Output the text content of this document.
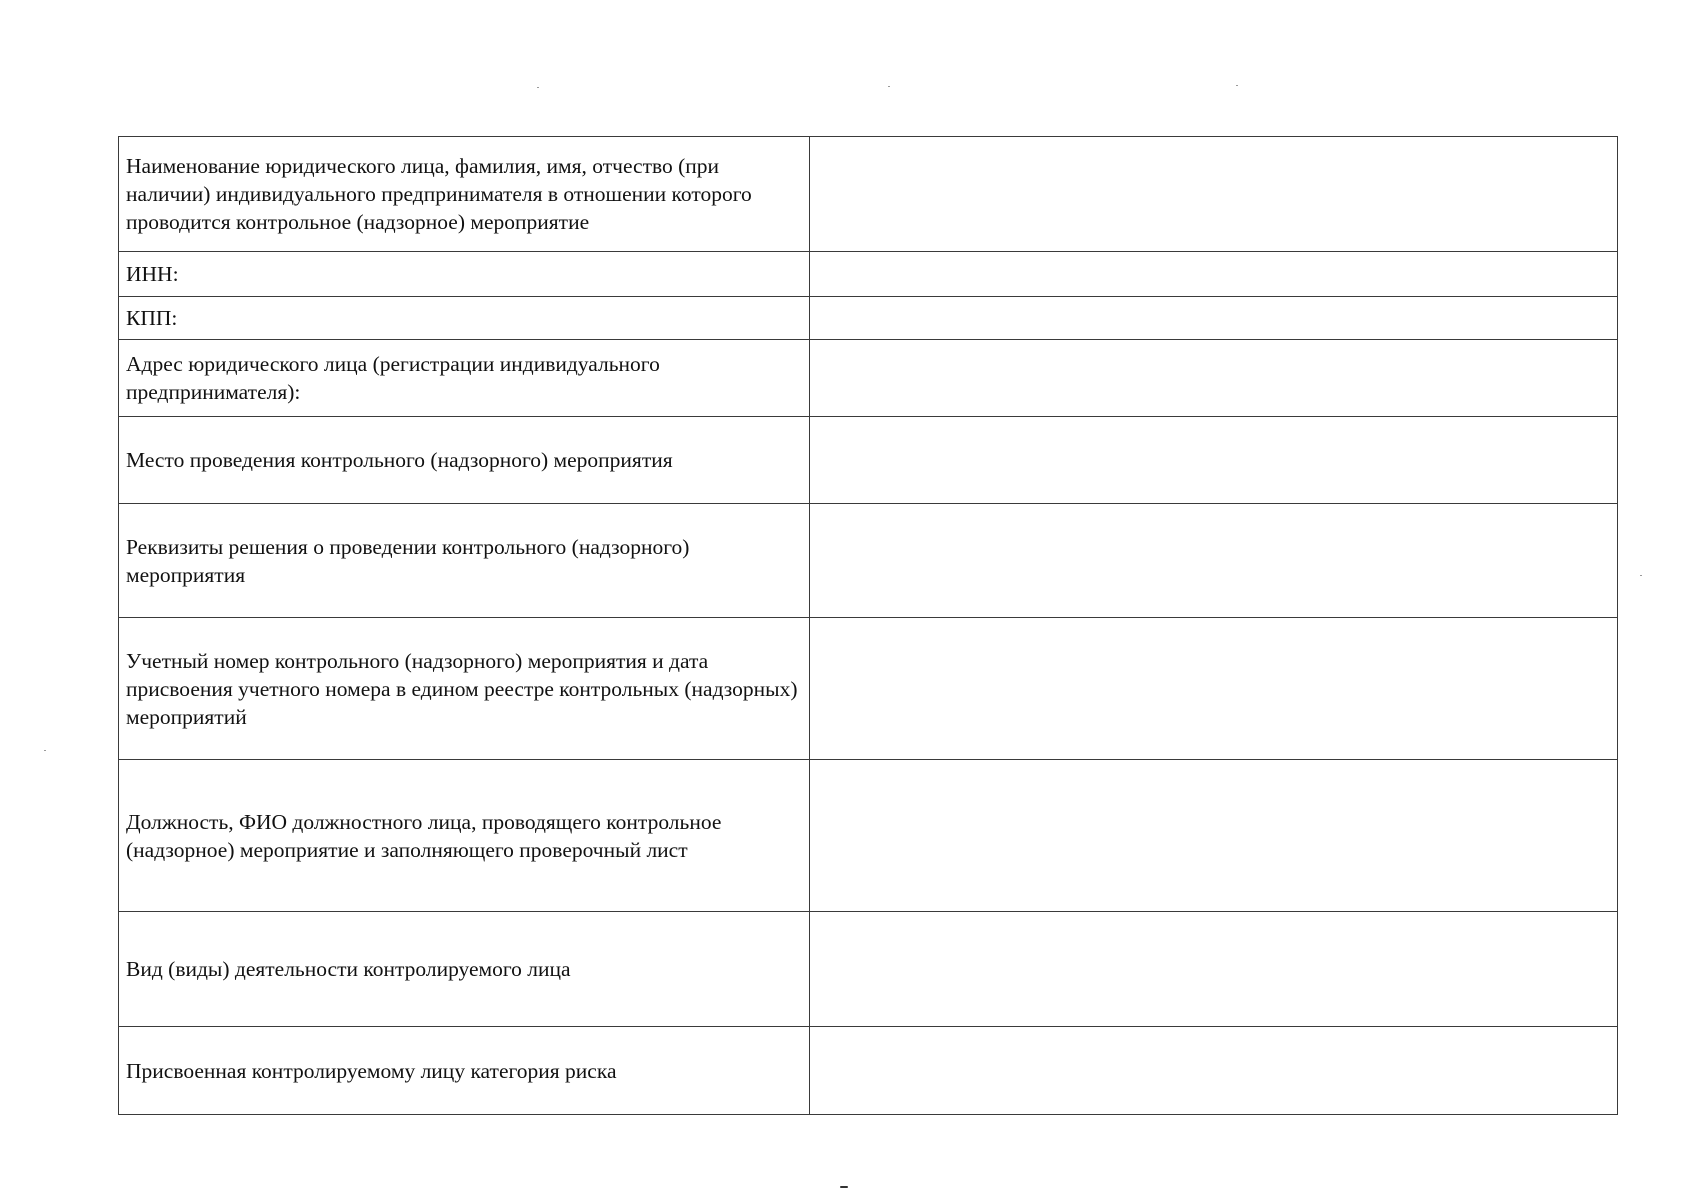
Наименование юридического лица, фамилия, имя, отчество (при наличии) индивидуального предпринимателя в отношении которого проводится контрольное (надзорное) мероприятие	

ИНН:	

КПП:	

Адрес юридического лица (регистрации индивидуального предпринимателя):	

Место проведения контрольного (надзорного) мероприятия	

Реквизиты решения о проведении контрольного (надзорного) мероприятия	

Учетный номер контрольного (надзорного) мероприятия и дата присвоения учетного номера в едином реестре контрольных (надзорных) мероприятий	

Должность, ФИО должностного лица, проводящего контрольное (надзорное) мероприятие и заполняющего проверочный лист	

Вид (виды) деятельности контролируемого лица	

Присвоенная контролируемому лицу категория риска	
